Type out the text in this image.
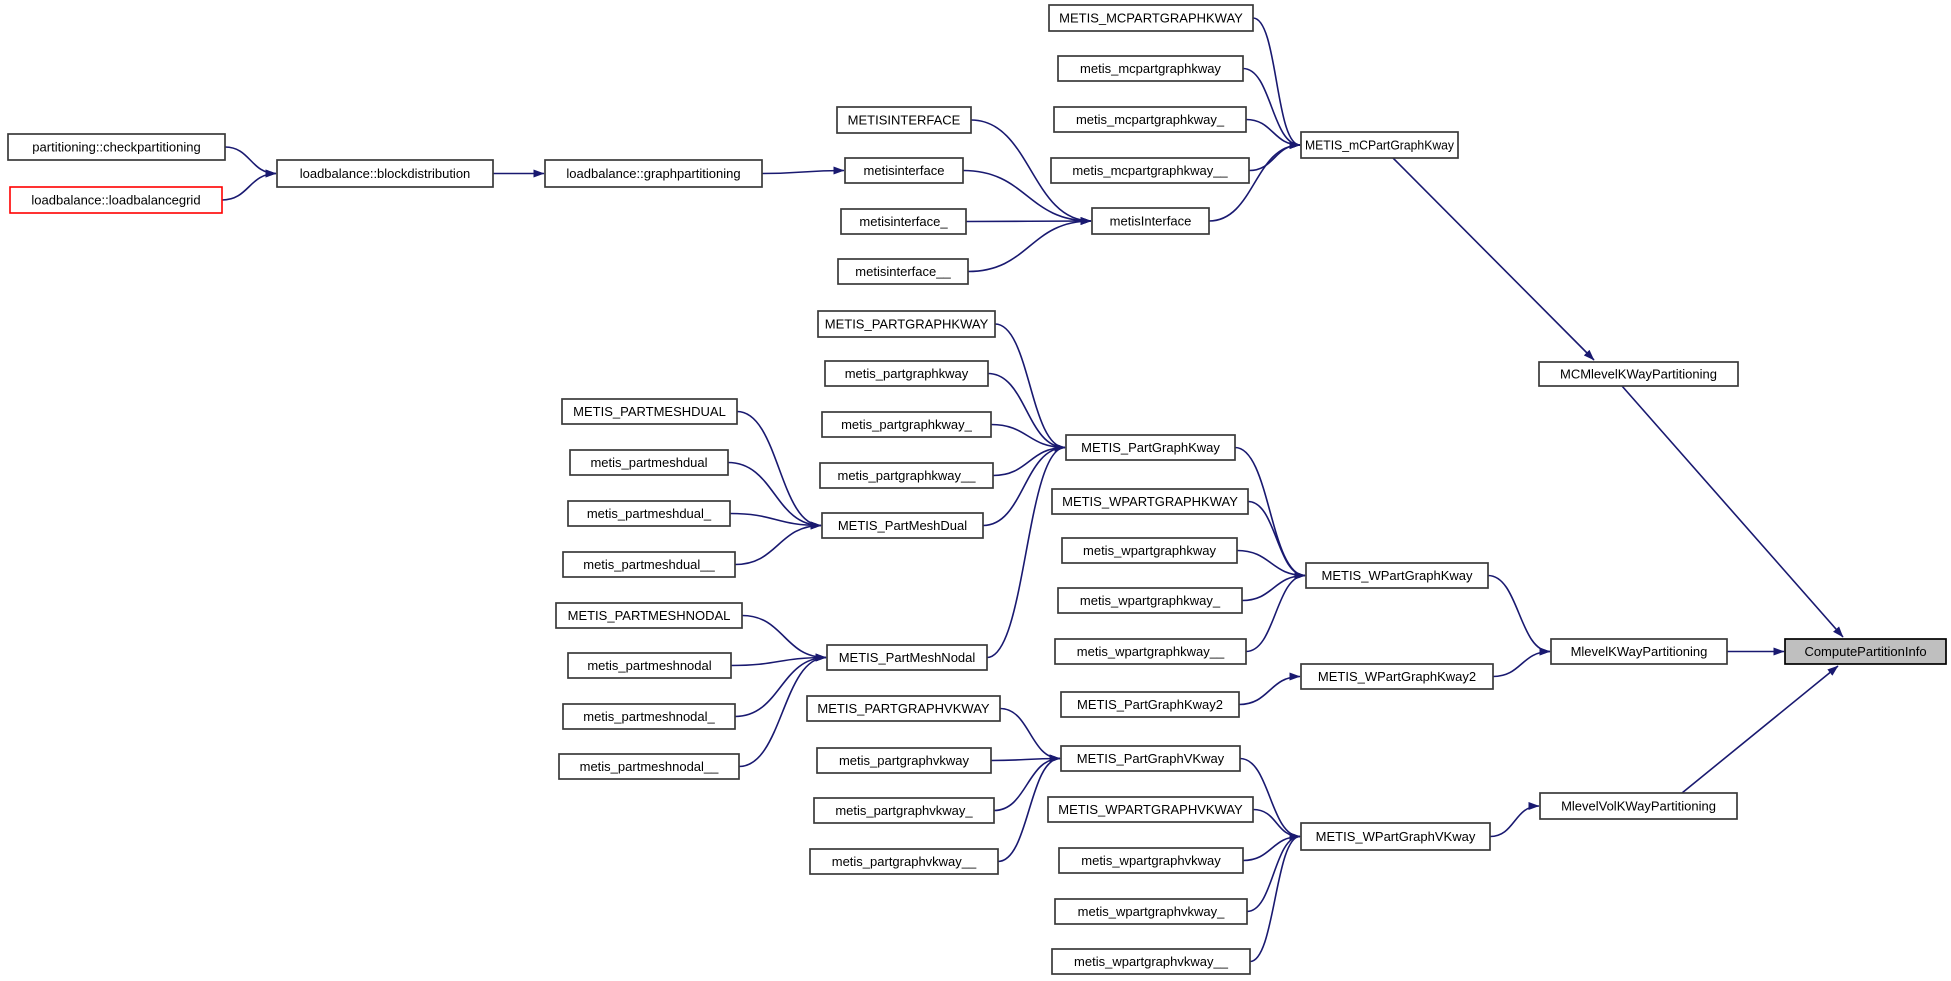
partitioning::checkpartitioning
loadbalance::loadbalancegrid
loadbalance::blockdistribution	loadbalance::graphpartitioning
METISINTERFACE
metisinterface
metisinterface_
metisinterface__
metisInterface
METIS_MCPARTGRAPHKWAY
metis_mcpartgraphkway
metis_mcpartgraphkway_
metis_mcpartgraphkway__
METIS_mCPartGraphKway
MCMlevelKWayPartitioning
METIS_PARTGRAPHKWAY
metis_partgraphkway
metis_partgraphkway_
metis_partgraphkway__
METIS_PartGraphKway
METIS_PARTMESHDUAL
metis_partmeshdual
metis_partmeshdual_
metis_partmeshdual__
METIS_PartMeshDual
METIS_PARTMESHNODAL
metis_partmeshnodal
metis_partmeshnodal_
metis_partmeshnodal__
METIS_PartMeshNodal
METIS_WPARTGRAPHKWAY
metis_wpartgraphkway
metis_wpartgraphkway_
metis_wpartgraphkway__
METIS_WPartGraphKway
METIS_PartGraphKway2
METIS_WPartGraphKway2
MlevelKWayPartitioning
METIS_PARTGRAPHVKWAY
metis_partgraphvkway
metis_partgraphvkway_
metis_partgraphvkway__
METIS_PartGraphVKway
METIS_WPARTGRAPHVKWAY
metis_wpartgraphvkway
metis_wpartgraphvkway_
metis_wpartgraphvkway__
METIS_WPartGraphVKway
MlevelVolKWayPartitioning
ComputePartitionInfo
